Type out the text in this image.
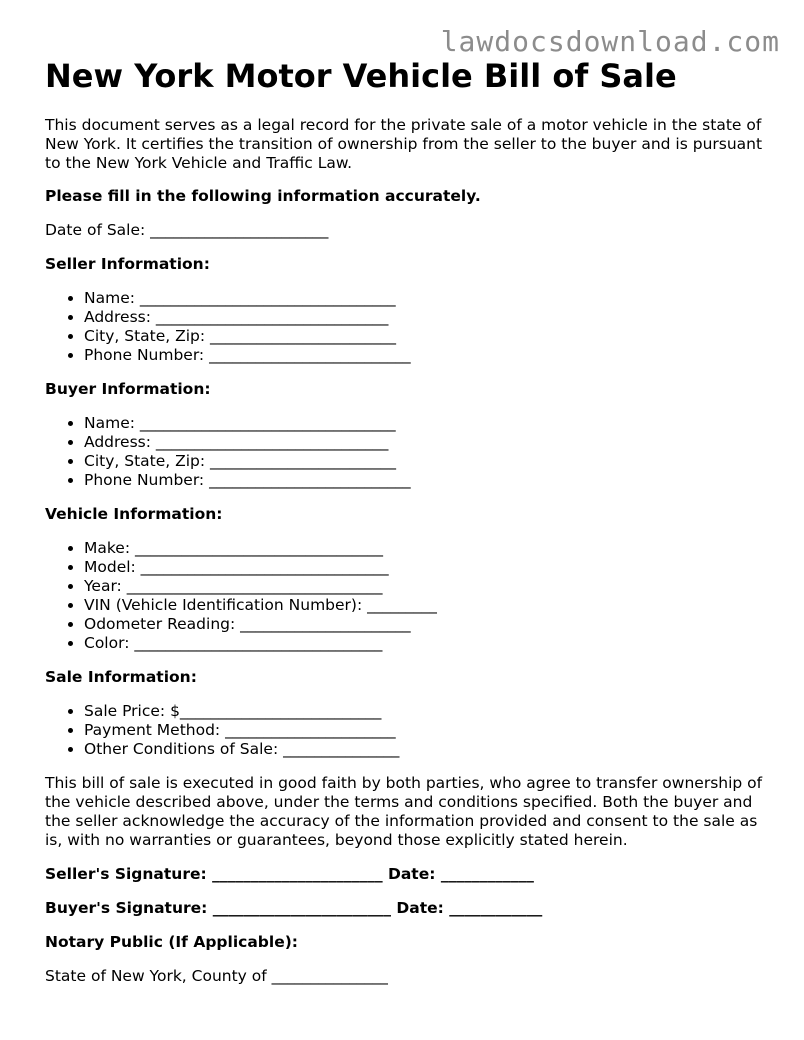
lawdocsdownload.com
New York Motor Vehicle Bill of Sale

This document serves as a legal record for the private sale of a motor vehicle in the state of New York. It certifies the transition of ownership from the seller to the buyer and is pursuant to the New York Vehicle and Traffic Law.

Please fill in the following information accurately.

Date of Sale: _______________________

Seller Information:

• Name: _________________________________
• Address: ______________________________
• City, State, Zip: ________________________
• Phone Number: __________________________

Buyer Information:

• Name: _________________________________
• Address: ______________________________
• City, State, Zip: ________________________
• Phone Number: __________________________

Vehicle Information:

• Make: ________________________________
• Model: ________________________________
• Year: _________________________________
• VIN (Vehicle Identification Number): _________
• Odometer Reading: ______________________
• Color: ________________________________

Sale Information:

• Sale Price: $__________________________
• Payment Method: ______________________
• Other Conditions of Sale: _______________

This bill of sale is executed in good faith by both parties, who agree to transfer ownership of the vehicle described above, under the terms and conditions specified. Both the buyer and the seller acknowledge the accuracy of the information provided and consent to the sale as is, with no warranties or guarantees, beyond those explicitly stated herein.

Seller's Signature: ______________________ Date: ____________

Buyer's Signature: _______________________ Date: ____________

Notary Public (If Applicable):

State of New York, County of _______________
